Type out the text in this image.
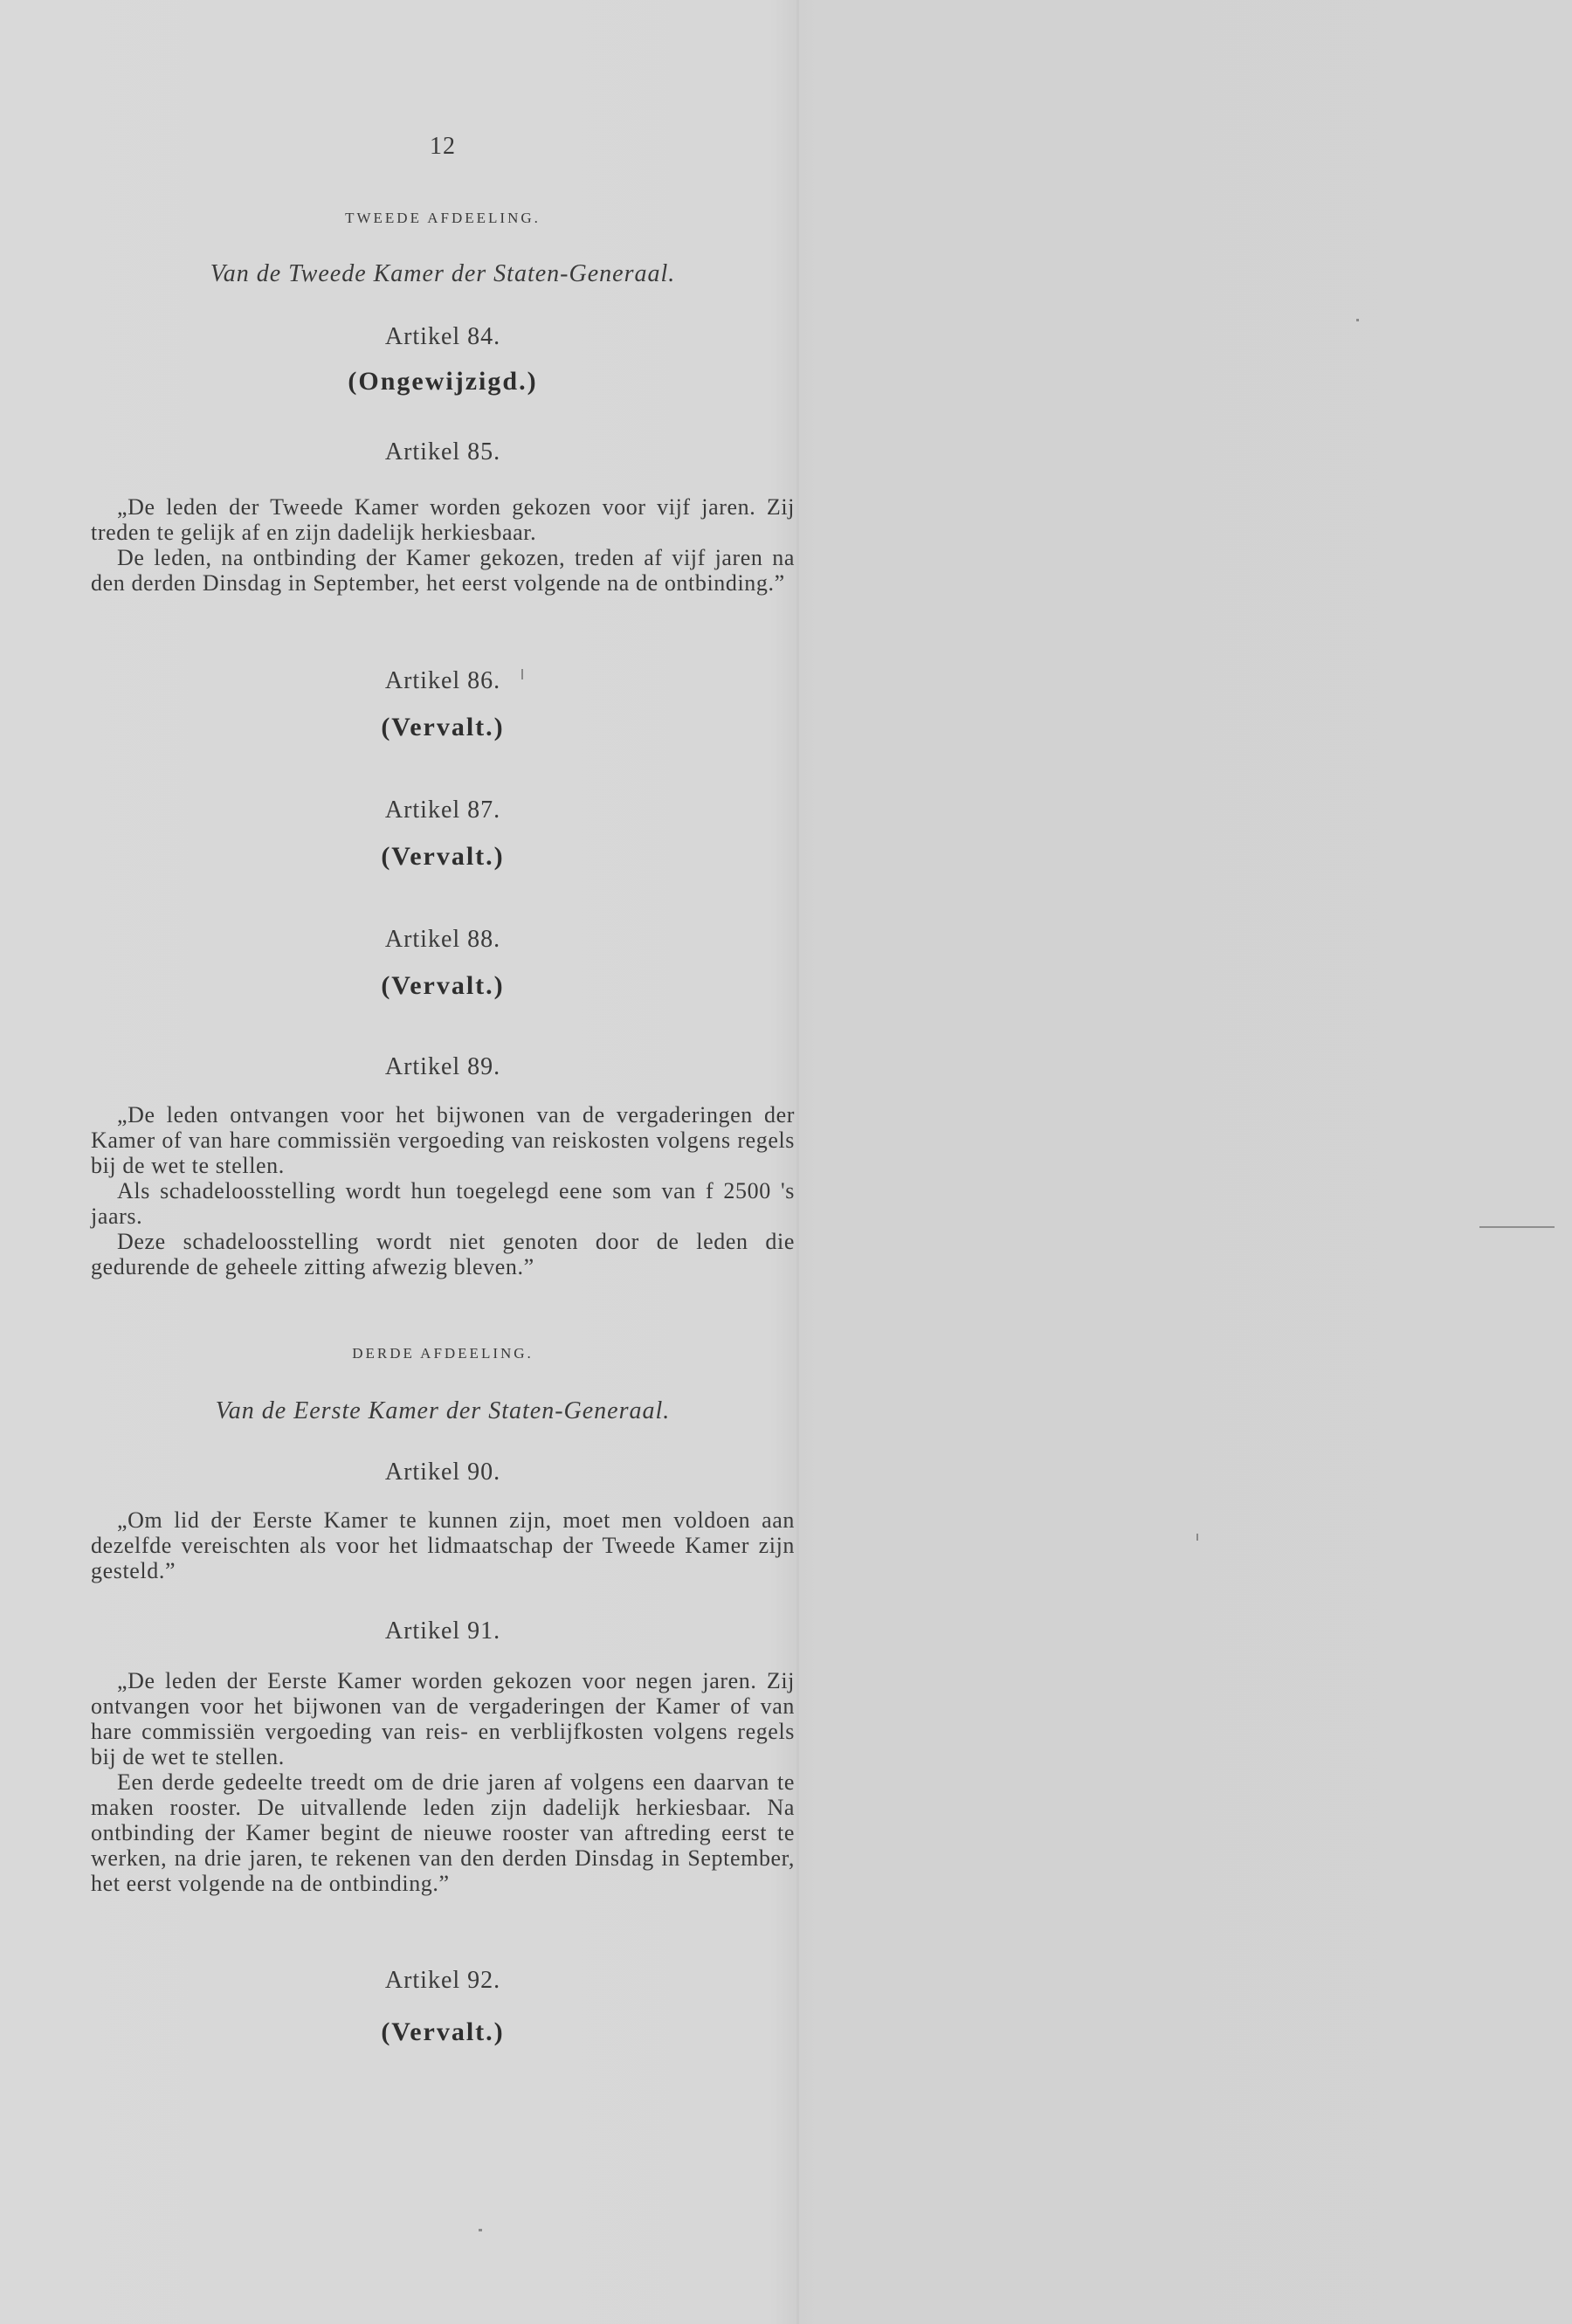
12
TWEEDE AFDEELING.
Van de Tweede Kamer der Staten-Generaal.
Artikel 84.
(Ongewijzigd.)
Artikel 85.

„De leden der Tweede Kamer worden gekozen voor vijf jaren. Zij treden te gelijk af en zijn dadelijk herkiesbaar.

De leden, na ontbinding der Kamer gekozen, treden af vijf jaren na den derden Dinsdag in September, het eerst volgende na de ontbinding.”

Artikel 86.
(Vervalt.)
Artikel 87.
(Vervalt.)
Artikel 88.
(Vervalt.)
Artikel 89.

„De leden ontvangen voor het bijwonen van de vergaderingen der Kamer of van hare commissiën vergoeding van reiskosten volgens regels bij de wet te stellen.

Als schadeloosstelling wordt hun toegelegd eene som van f 2500 's jaars.

Deze schadeloosstelling wordt niet genoten door de leden die gedurende de geheele zitting afwezig bleven.”

DERDE AFDEELING.
Van de Eerste Kamer der Staten-Generaal.
Artikel 90.

„Om lid der Eerste Kamer te kunnen zijn, moet men voldoen aan dezelfde vereischten als voor het lidmaatschap der Tweede Kamer zijn gesteld.”

Artikel 91.

„De leden der Eerste Kamer worden gekozen voor negen jaren. Zij ontvangen voor het bijwonen van de vergaderingen der Kamer of van hare commissiën vergoeding van reis- en verblijfkosten volgens regels bij de wet te stellen.

Een derde gedeelte treedt om de drie jaren af volgens een daarvan te maken rooster. De uitvallende leden zijn dadelijk herkiesbaar. Na ontbinding der Kamer begint de nieuwe rooster van aftreding eerst te werken, na drie jaren, te rekenen van den derden Dinsdag in September, het eerst volgende na de ontbinding.”

Artikel 92.
(Vervalt.)
